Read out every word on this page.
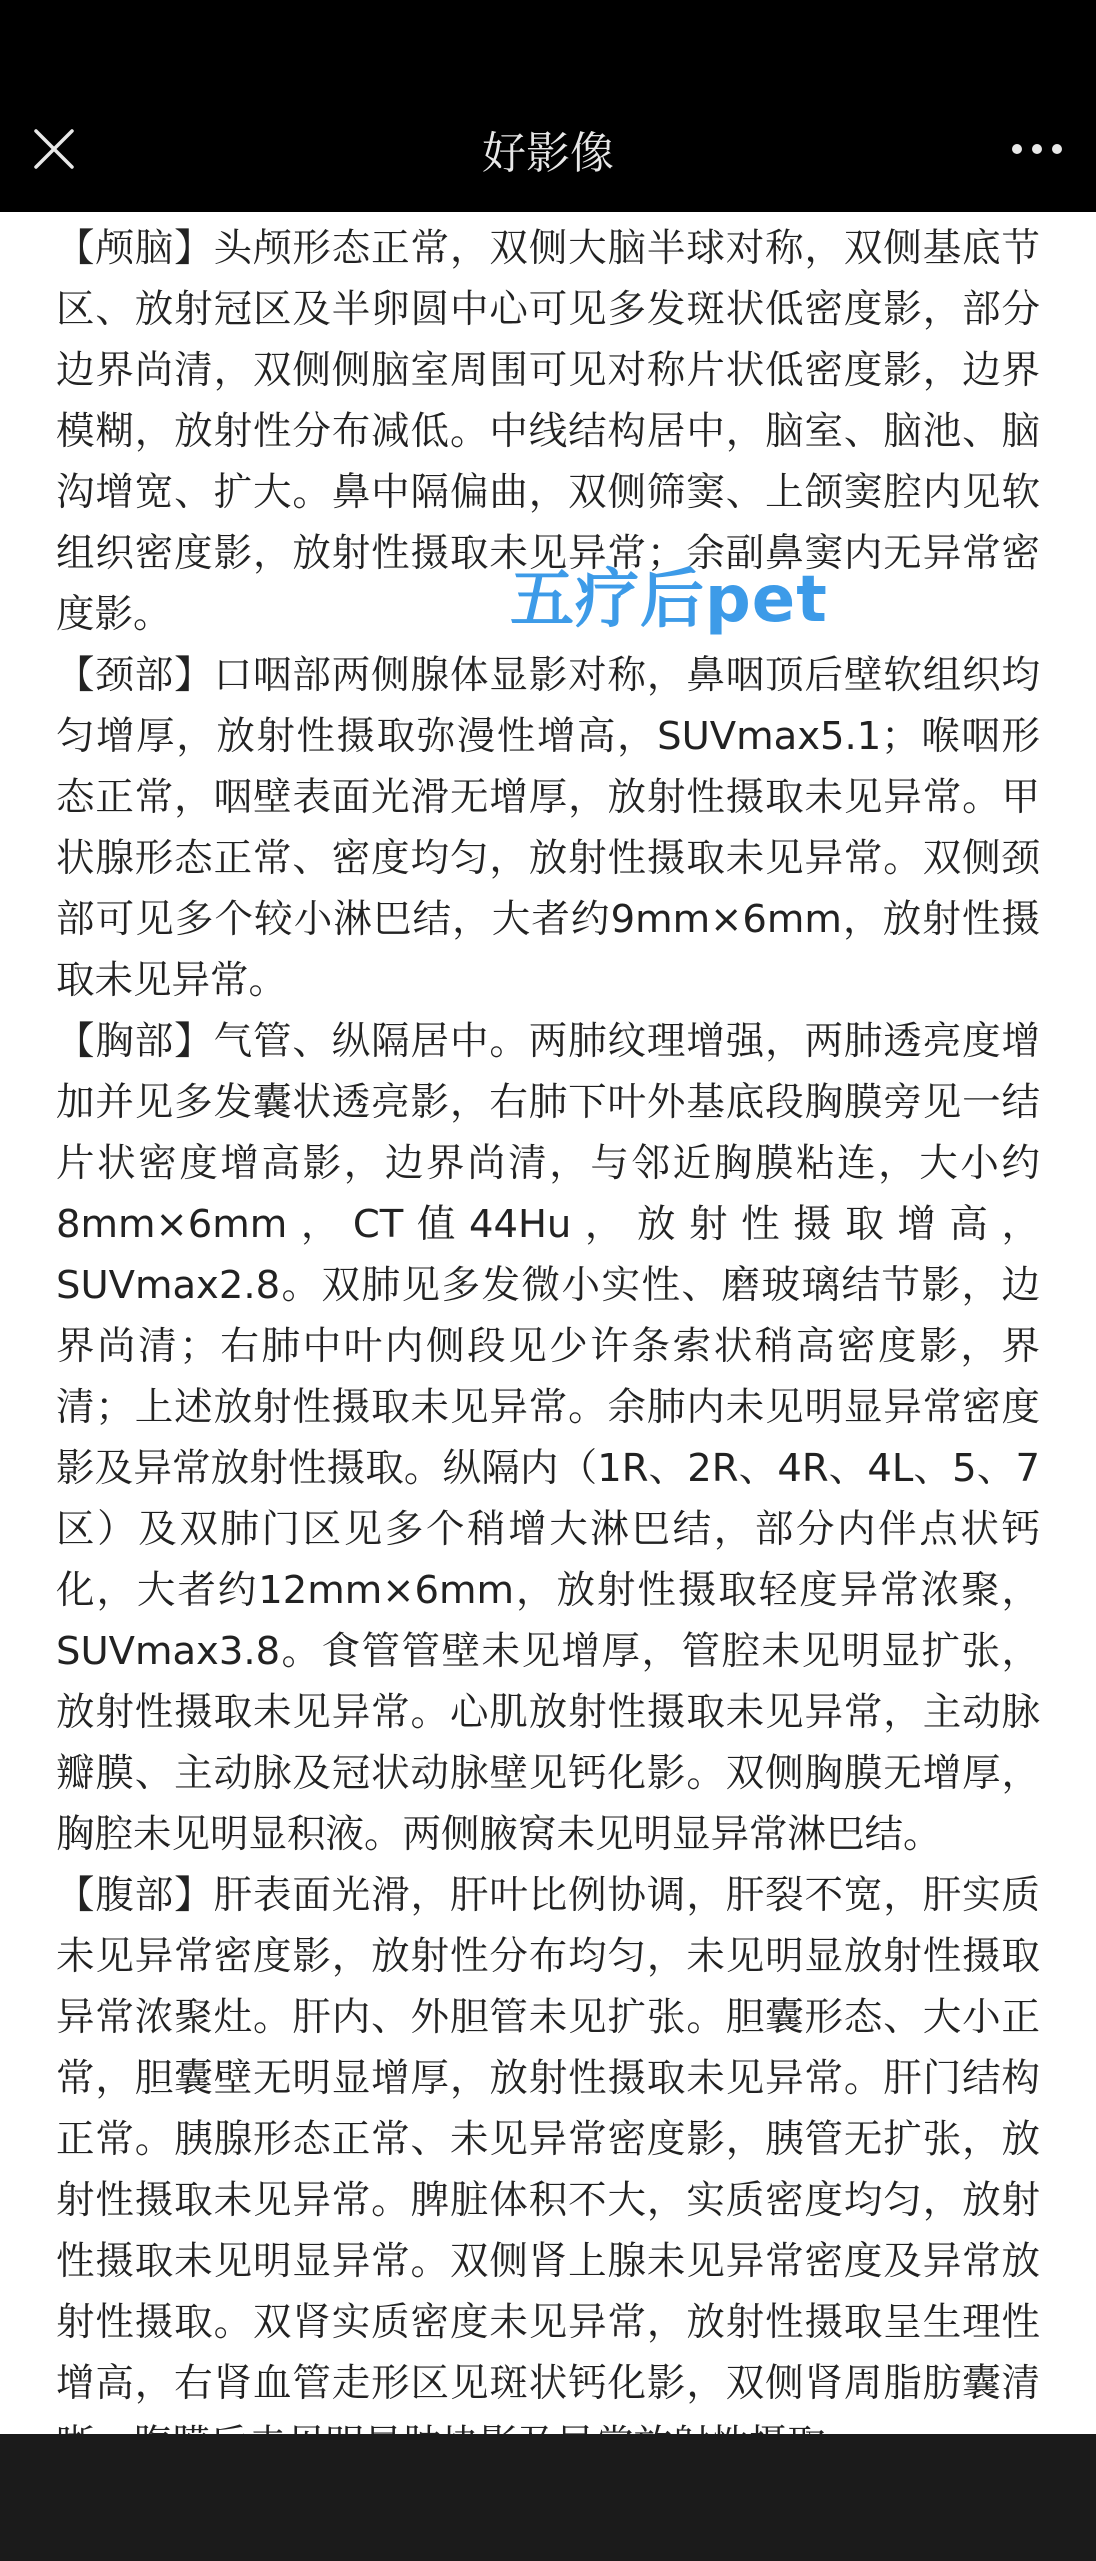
好影像
【颅脑】头颅形态正常，双侧大脑半球对称，双侧基底节区、放射冠区及半卵圆中心可见多发斑状低密度影，部分边界尚清，双侧侧脑室周围可见对称片状低密度影，边界模糊，放射性分布减低。中线结构居中，脑室、脑池、脑沟增宽、扩大。鼻中隔偏曲，双侧筛窦、上颌窦腔内见软组织密度影，放射性摄取未见异常；余副鼻窦内无异常密度影。
【颈部】口咽部两侧腺体显影对称，鼻咽顶后壁软组织均匀增厚，放射性摄取弥漫性增高，SUVmax5.1；喉咽形态正常，咽壁表面光滑无增厚，放射性摄取未见异常。甲状腺形态正常、密度均匀，放射性摄取未见异常。双侧颈部可见多个较小淋巴结，大者约9mm×6mm，放射性摄取未见异常。
【胸部】气管、纵隔居中。两肺纹理增强，两肺透亮度增加并见多发囊状透亮影，右肺下叶外基底段胸膜旁见一结片状密度增高影，边界尚清，与邻近胸膜粘连，大小约8mm×6mm，CT值44Hu，放射性摄取增高，SUVmax2.8。双肺见多发微小实性、磨玻璃结节影，边界尚清；右肺中叶内侧段见少许条索状稍高密度影，界清；上述放射性摄取未见异常。余肺内未见明显异常密度影及异常放射性摄取。纵隔内（1R、2R、4R、4L、5、7区）及双肺门区见多个稍增大淋巴结，部分内伴点状钙化，大者约12mm×6mm，放射性摄取轻度异常浓聚，SUVmax3.8。食管管壁未见增厚，管腔未见明显扩张，放射性摄取未见异常。心肌放射性摄取未见异常，主动脉瓣膜、主动脉及冠状动脉壁见钙化影。双侧胸膜无增厚，胸腔未见明显积液。两侧腋窝未见明显异常淋巴结。
【腹部】肝表面光滑，肝叶比例协调，肝裂不宽，肝实质未见异常密度影，放射性分布均匀，未见明显放射性摄取异常浓聚灶。肝内、外胆管未见扩张。胆囊形态、大小正常，胆囊壁无明显增厚，放射性摄取未见异常。肝门结构正常。胰腺形态正常、未见异常密度影，胰管无扩张，放射性摄取未见异常。脾脏体积不大，实质密度均匀，放射性摄取未见明显异常。双侧肾上腺未见异常密度及异常放射性摄取。双肾实质密度未见异常，放射性摄取呈生理性增高，右肾血管走形区见斑状钙化影，双侧肾周脂肪囊清
五疗后pet
